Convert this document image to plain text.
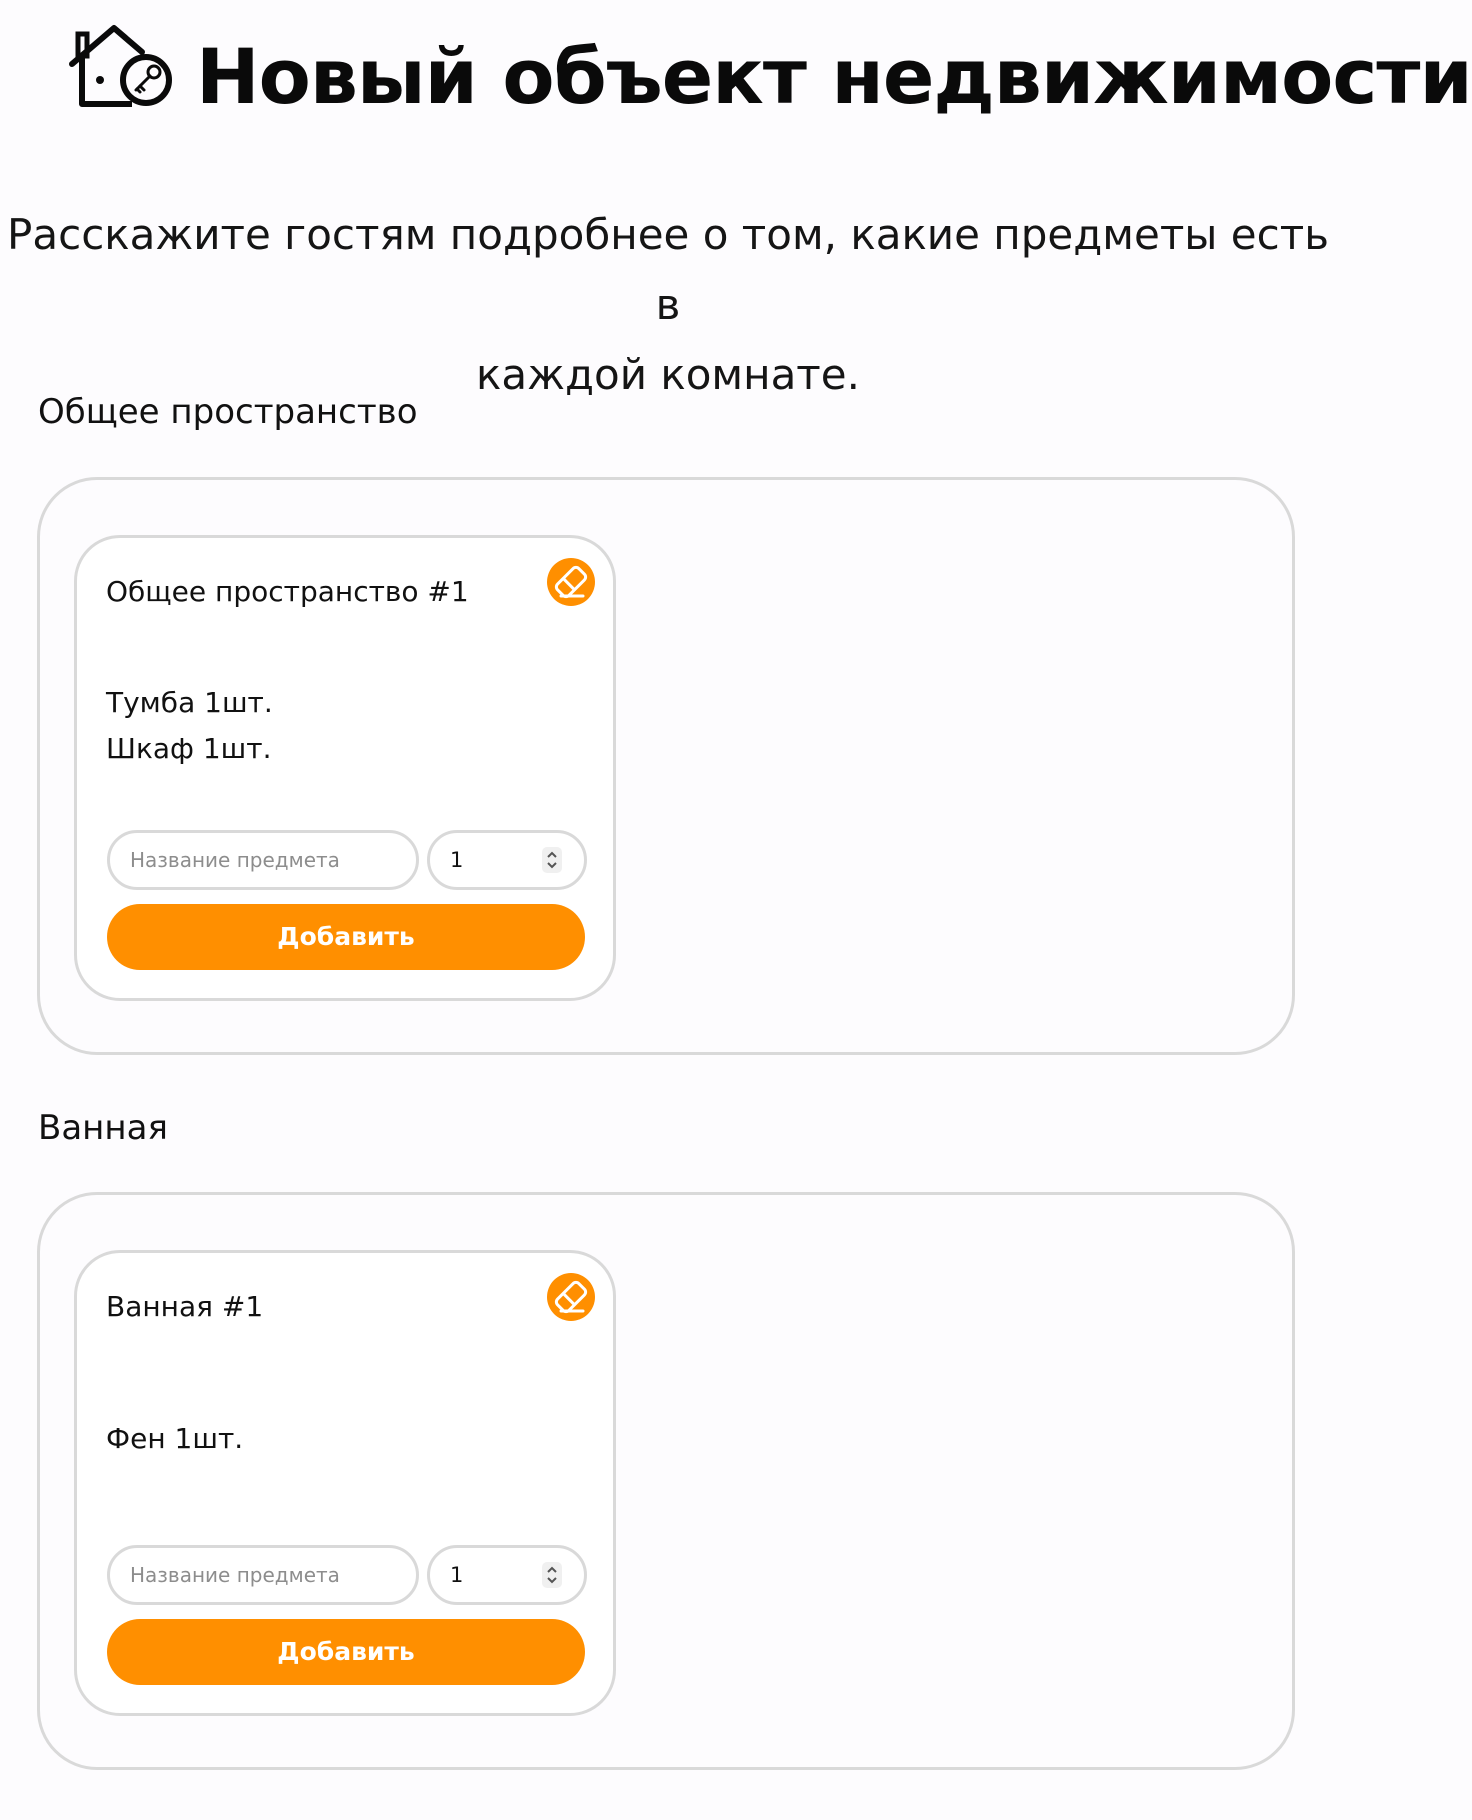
Новый объект недвижимости
Расскажите гостям подробнее о том, какие предметы есть в
каждой комнате.
Общее пространство
Общее пространство #1
Тумба 1шт.
Шкаф 1шт.
Название предмета
1
Добавить
Ванная
Ванная #1
Фен 1шт.
Название предмета
1
Добавить
